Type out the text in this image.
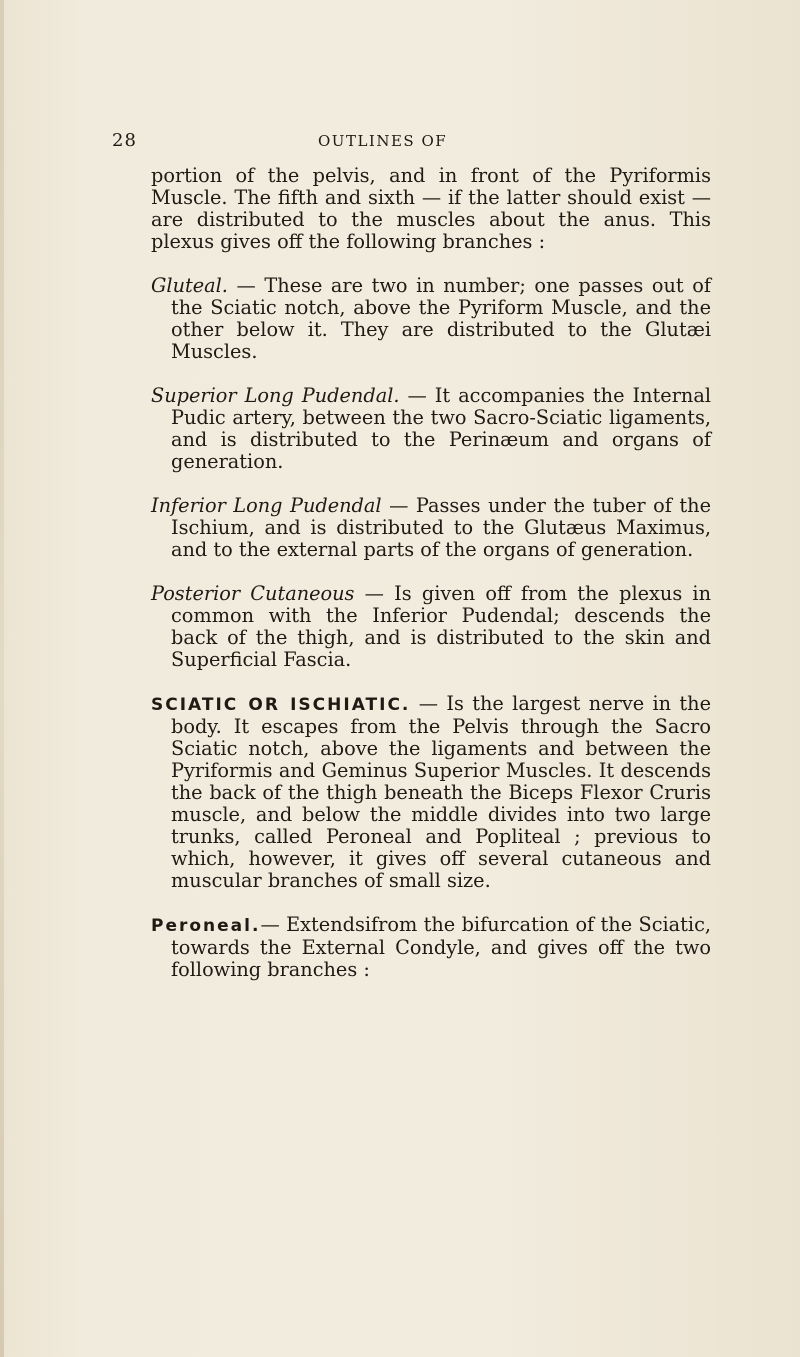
28	OUTLINES OF

portion of the pelvis, and in front of the Pyriformis Muscle. The fifth and sixth — if the latter should exist — are distributed to the muscles about the anus. This plexus gives off the following branches :

Gluteal. — These are two in number; one passes out of the Sciatic notch, above the Pyriform Muscle, and the other below it. They are distributed to the Glutæi Muscles.

Superior Long Pudendal. — It accompanies the Internal Pudic artery, between the two Sacro-Sciatic ligaments, and is distributed to the Perinæum and organs of generation.

Inferior Long Pudendal — Passes under the tuber of the Ischium, and is distributed to the Glutæus Maximus, and to the external parts of the organs of generation.

Posterior Cutaneous — Is given off from the plexus in common with the Inferior Pudendal; descends the back of the thigh, and is distributed to the skin and Superficial Fascia.

SCIATIC OR ISCHIATIC. — Is the largest nerve in the body. It escapes from the Pelvis through the Sacro Sciatic notch, above the ligaments and between the Pyriformis and Geminus Superior Muscles. It descends the back of the thigh beneath the Biceps Flexor Cruris muscle, and below the middle divides into two large trunks, called Peroneal and Popliteal ; previous to which, however, it gives off several cutaneous and muscular branches of small size.

Peroneal.— Extendsifrom the bifurcation of the Sciatic, towards the External Condyle, and gives off the two following branches :
